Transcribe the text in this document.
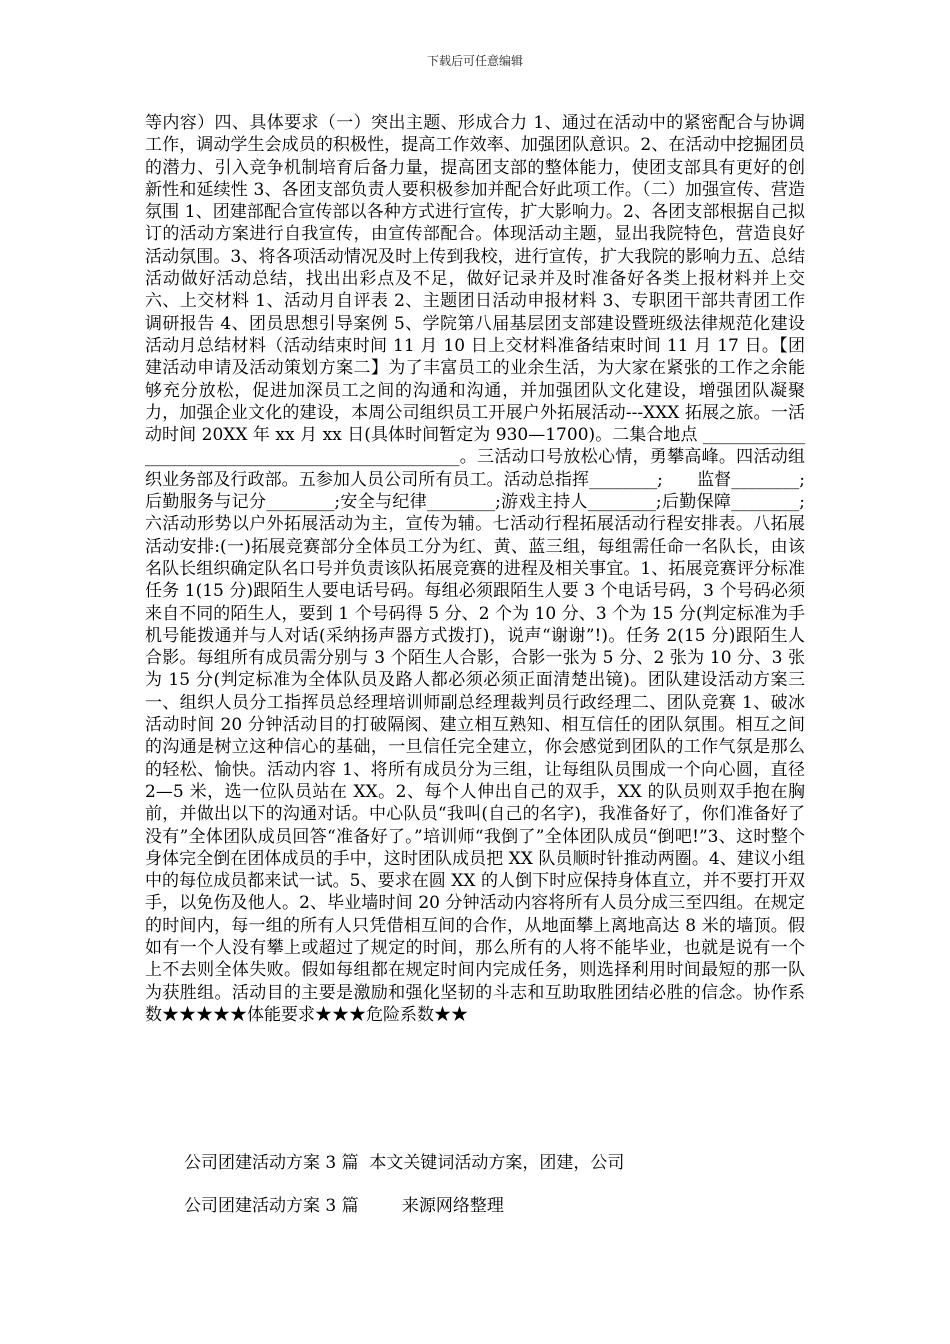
下载后可任意编辑

等内容）四、具体要求（一）突出主题、形成合力 1、通过在活动中的紧密配合与协调工作，调动学生会成员的积极性，提高工作效率、加强团队意识。2、在活动中挖掘团员的潜力、引入竞争机制培育后备力量，提高团支部的整体能力，使团支部具有更好的创新性和延续性 3、各团支部负责人要积极参加并配合好此项工作。（二）加强宣传、营造氛围 1、团建部配合宣传部以各种方式进行宣传，扩大影响力。2、各团支部根据自己拟订的活动方案进行自我宣传，由宣传部配合。体现活动主题，显出我院特色，营造良好活动氛围。3、将各项活动情况及时上传到我校，进行宣传，扩大我院的影响力五、总结活动做好活动总结，找出出彩点及不足，做好记录并及时准备好各类上报材料并上交六、上交材料 1、活动月自评表 2、主题团日活动申报材料 3、专职团干部共青团工作调研报告 4、团员思想引导案例 5、学院第八届基层团支部建设暨班级法律规范化建设活动月总结材料（活动结束时间 11 月 10 日上交材料准备结束时间 11 月 17 日。【团建活动申请及活动策划方案二】为了丰富员工的业余生活，为大家在紧张的工作之余能够充分放松，促进加深员工之间的沟通和沟通，并加强团队文化建设，增强团队凝聚力，加强企业文化的建设，本周公司组织员工开展户外拓展活动---XXX 拓展之旅。一活动时间 20XX 年 xx 月 xx 日(具体时间暂定为 930—1700)。二集合地点 _________________________________________________。三活动口号放松心情，勇攀高峰。四活动组织业务部及行政部。五参加人员公司所有员工。活动总指挥________;　　监督________;后勤服务与记分________;安全与纪律________;游戏主持人________;后勤保障________;六活动形势以户外拓展活动为主，宣传为辅。七活动行程拓展活动行程安排表。八拓展活动安排:(一)拓展竞赛部分全体员工分为红、黄、蓝三组，每组需任命一名队长，由该名队长组织确定队名口号并负责该队拓展竞赛的进程及相关事宜。1、拓展竞赛评分标准任务 1(15 分)跟陌生人要电话号码。每组必须跟陌生人要 3 个电话号码，3 个号码必须来自不同的陌生人，要到 1 个号码得 5 分、2 个为 10 分、3 个为 15 分(判定标准为手机号能拨通并与人对话(采纳扬声器方式拨打)，说声“谢谢”!)。任务 2(15 分)跟陌生人合影。每组所有成员需分别与 3 个陌生人合影，合影一张为 5 分、2 张为 10 分、3 张为 15 分(判定标准为全体队员及路人都必须必须正面清楚出镜)。团队建设活动方案三一、组织人员分工指挥员总经理培训师副总经理裁判员行政经理二、团队竞赛 1、破冰活动时间 20 分钟活动目的打破隔阂、建立相互熟知、相互信任的团队氛围。相互之间的沟通是树立这种信心的基础，一旦信任完全建立，你会感觉到团队的工作气氛是那么的轻松、愉快。活动内容 1、将所有成员分为三组，让每组队员围成一个向心圆，直径 2—5 米，选一位队员站在 XX。2、每个人伸出自己的双手，XX 的队员则双手抱在胸前，并做出以下的沟通对话。中心队员“我叫(自己的名字)，我准备好了，你们准备好了没有”全体团队成员回答“准备好了。”培训师“我倒了”全体团队成员“倒吧!”3、这时整个身体完全倒在团体成员的手中，这时团队成员把 XX 队员顺时针推动两圈。4、建议小组中的每位成员都来试一试。5、要求在圆 XX 的人倒下时应保持身体直立，并不要打开双手，以免伤及他人。2、毕业墙时间 20 分钟活动内容将所有人员分成三至四组。在规定的时间内，每一组的所有人只凭借相互间的合作，从地面攀上离地高达 8 米的墙顶。假如有一个人没有攀上或超过了规定的时间，那么所有的人将不能毕业，也就是说有一个上不去则全体失败。假如每组都在规定时间内完成任务，则选择利用时间最短的那一队为获胜组。活动目的主要是激励和强化坚韧的斗志和互助取胜团结必胜的信念。协作系数★★★★★体能要求★★★危险系数★★

公司团建活动方案 3 篇  本文关键词活动方案，团建，公司

公司团建活动方案 3 篇        来源网络整理
